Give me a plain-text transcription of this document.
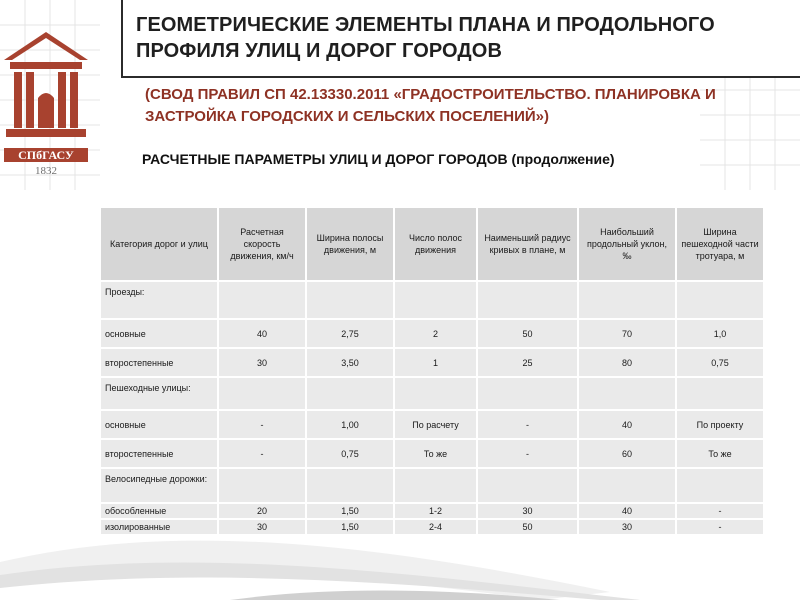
СПбГАСУ
1832
ГЕОМЕТРИЧЕСКИЕ ЭЛЕМЕНТЫ ПЛАНА И ПРОДОЛЬНОГО ПРОФИЛЯ УЛИЦ И ДОРОГ ГОРОДОВ
(СВОД ПРАВИЛ СП 42.13330.2011 «ГРАДОСТРОИТЕЛЬСТВО. ПЛАНИРОВКА И ЗАСТРОЙКА ГОРОДСКИХ И СЕЛЬСКИХ ПОСЕЛЕНИЙ»)
РАСЧЕТНЫЕ ПАРАМЕТРЫ УЛИЦ И ДОРОГ ГОРОДОВ (продолжение)
Категория дорог и улиц	Расчетная скорость движения, км/ч	Ширина полосы движения, м	Число полос движения	Наименьший радиус кривых в плане, м	Наибольший продольный уклон, ‰	Ширина пешеходной части тротуара, м
Проезды:						
основные	40	2,75	2	50	70	1,0
второстепенные	30	3,50	1	25	80	0,75
Пешеходные улицы:						
основные	-	1,00	По расчету	-	40	По проекту
второстепенные	-	0,75	То же	-	60	То же
Велосипедные дорожки:						
обособленные	20	1,50	1-2	30	40	-
изолированные	30	1,50	2-4	50	30	-
